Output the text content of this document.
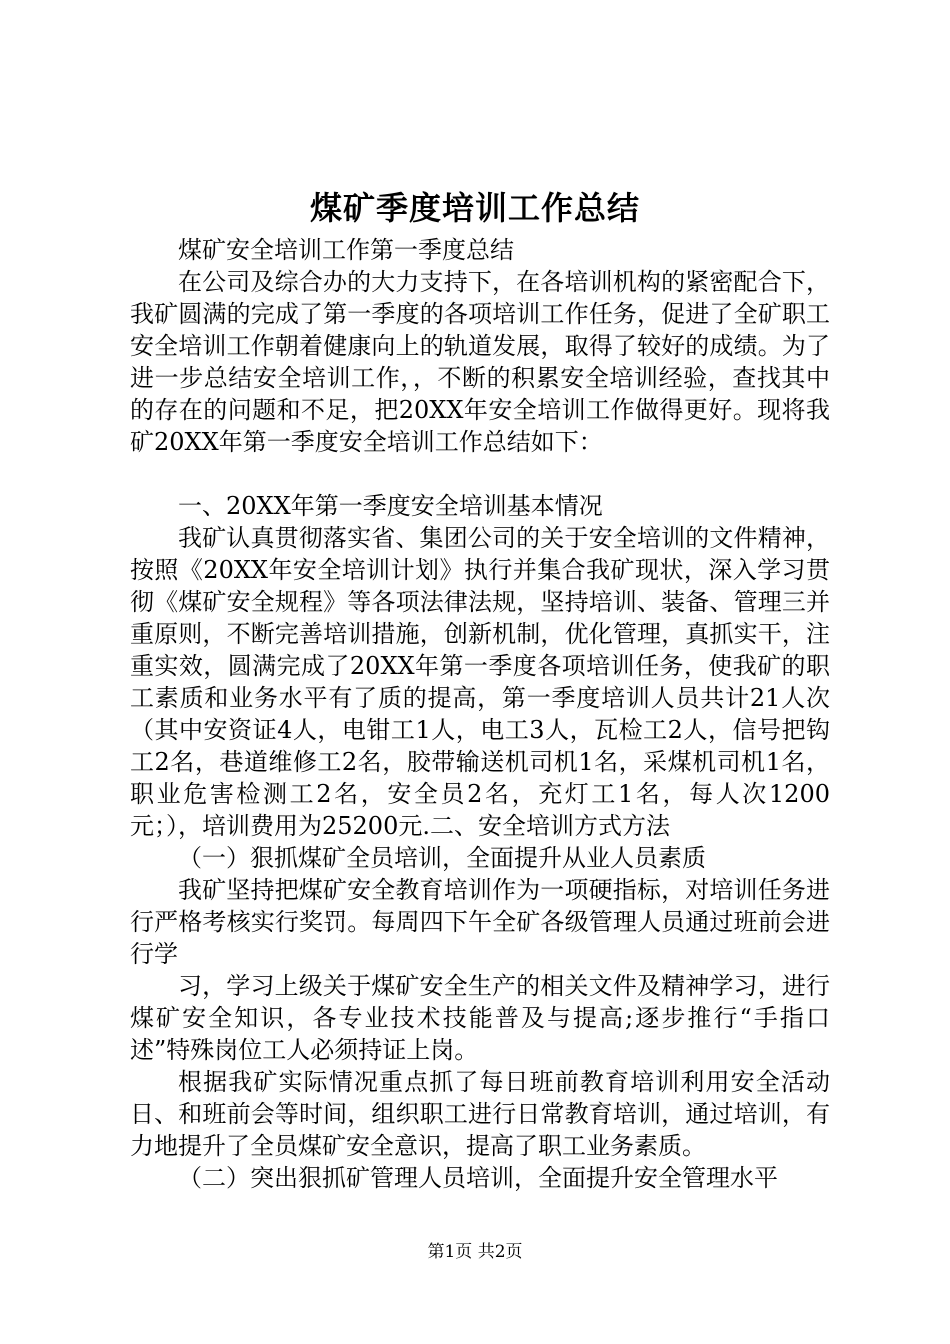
煤矿季度培训工作总结

煤矿安全培训工作第一季度总结

在公司及综合办的大力支持下，在各培训机构的紧密配合下，我矿圆满的完成了第一季度的各项培训工作任务，促进了全矿职工安全培训工作朝着健康向上的轨道发展，取得了较好的成绩。为了进一步总结安全培训工作，，不断的积累安全培训经验，查找其中的存在的问题和不足，把20XX年安全培训工作做得更好。现将我矿20XX年第一季度安全培训工作总结如下：

一、20XX年第一季度安全培训基本情况

我矿认真贯彻落实省、集团公司的关于安全培训的文件精神，按照《20XX年安全培训计划》执行并集合我矿现状，深入学习贯彻《煤矿安全规程》等各项法律法规，坚持培训、装备、管理三并重原则，不断完善培训措施，创新机制，优化管理，真抓实干，注重实效，圆满完成了20XX年第一季度各项培训任务，使我矿的职工素质和业务水平有了质的提高，第一季度培训人员共计21人次（其中安资证4人，电钳工1人，电工3人，瓦检工2人，信号把钩工2名，巷道维修工2名，胶带输送机司机1名，采煤机司机1名，职业危害检测工2名，安全员2名，充灯工1名，每人次1200元；），培训费用为25200元.二、安全培训方式方法

（一）狠抓煤矿全员培训，全面提升从业人员素质

我矿坚持把煤矿安全教育培训作为一项硬指标，对培训任务进行严格考核实行奖罚。每周四下午全矿各级管理人员通过班前会进行学

习，学习上级关于煤矿安全生产的相关文件及精神学习，进行煤矿安全知识，各专业技术技能普及与提高;逐步推行“手指口述”特殊岗位工人必须持证上岗。

根据我矿实际情况重点抓了每日班前教育培训利用安全活动日、和班前会等时间，组织职工进行日常教育培训，通过培训，有力地提升了全员煤矿安全意识，提高了职工业务素质。

（二）突出狠抓矿管理人员培训，全面提升安全管理水平

第1页 共2页
